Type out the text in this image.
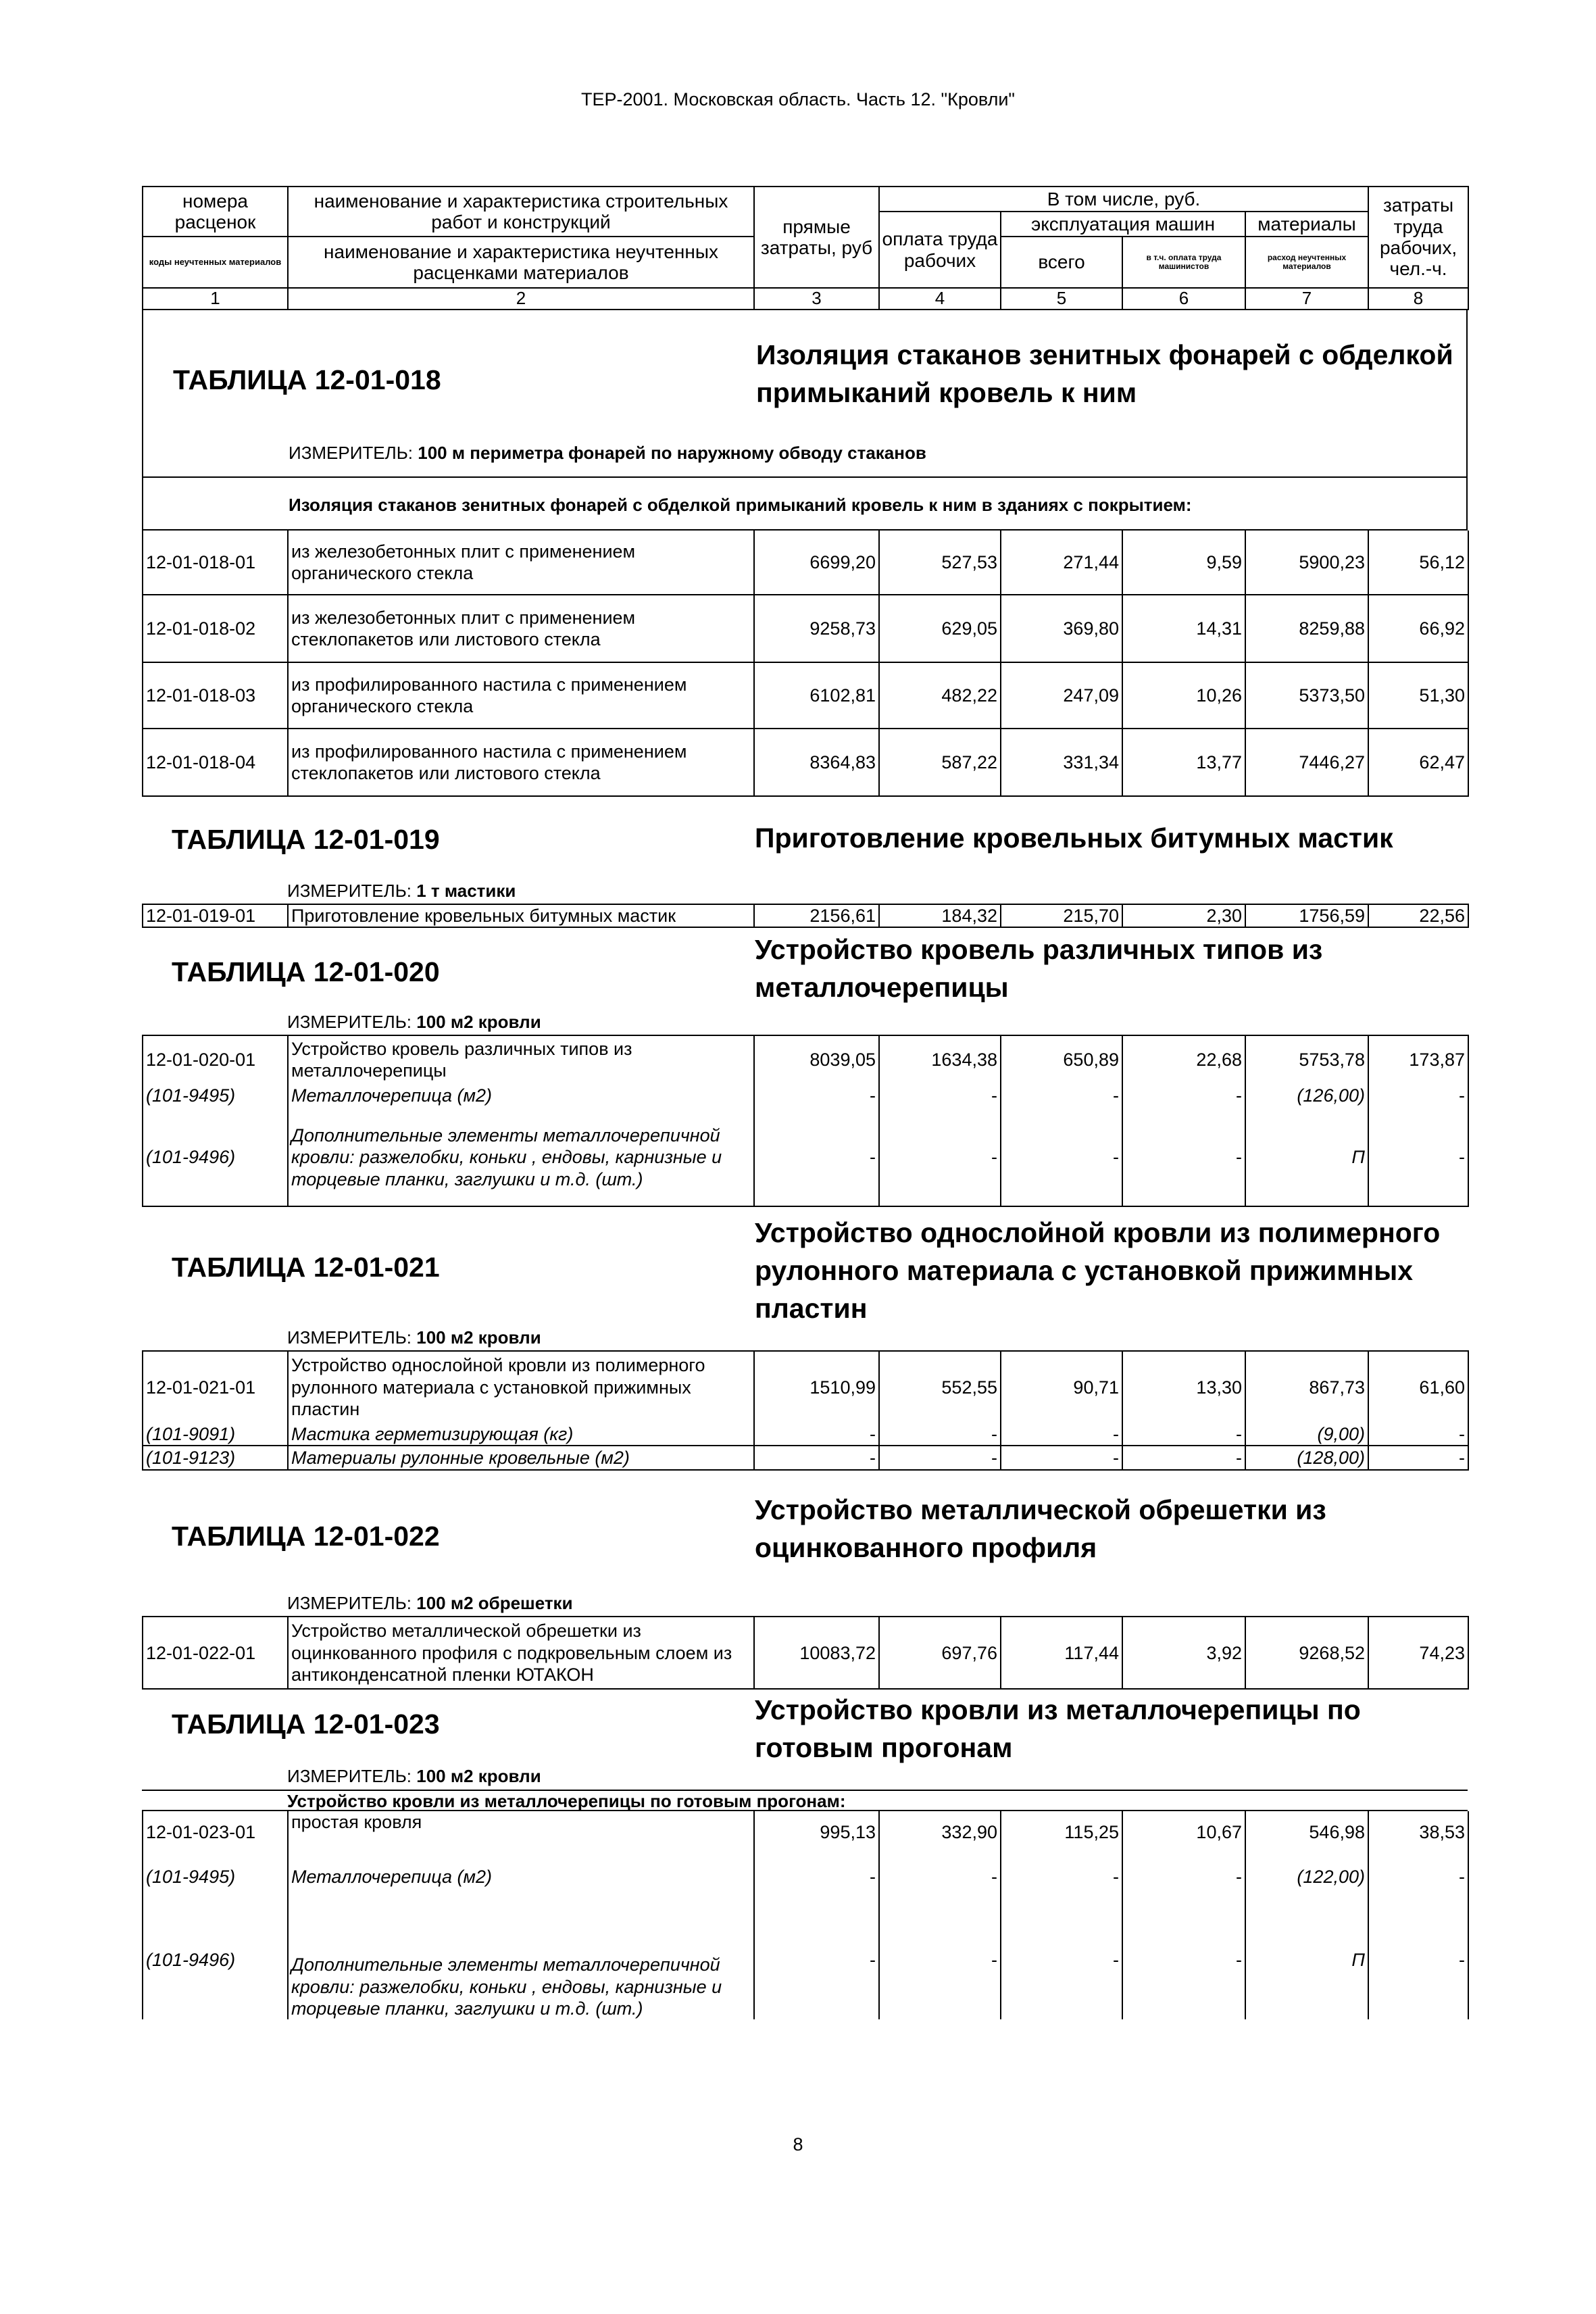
ТЕР-2001. Московская область. Часть 12. "Кровли"
номера расценок	наименование и характеристика строительных работ и конструкций	прямые затраты, руб	В том числе, руб.				затраты труда рабочих, чел.-ч.
			оплата труда рабочих	эксплуатация машин		материалы	
коды неучтенных материалов	наименование и характеристика неучтенных расценками материалов			всего	в т.ч. оплата труда машинистов	расход неучтенных материалов	

1	2	3	4	5	6	7	8
ТАБЛИЦА 12-01-018
Изоляция стаканов зенитных фонарей с обделкой примыканий кровель к ним
ИЗМЕРИТЕЛЬ: 100 м периметра фонарей по наружному обводу стаканов
Изоляция стаканов зенитных фонарей с обделкой примыканий кровель к ним в зданиях с покрытием:
12-01-018-01	из железобетонных плит с применением органического стекла	6699,20	527,53	271,44	9,59	5900,23	56,12
12-01-018-02	из железобетонных плит с применением стеклопакетов или листового стекла	9258,73	629,05	369,80	14,31	8259,88	66,92
12-01-018-03	из профилированного настила с применением органического стекла	6102,81	482,22	247,09	10,26	5373,50	51,30
12-01-018-04	из профилированного настила с применением стеклопакетов или листового стекла	8364,83	587,22	331,34	13,77	7446,27	62,47
ТАБЛИЦА 12-01-019	Приготовление кровельных битумных мастик
ИЗМЕРИТЕЛЬ: 1 т мастики
12-01-019-01	Приготовление кровельных битумных мастик	2156,61	184,32	215,70	2,30	1756,59	22,56
ТАБЛИЦА 12-01-020
Устройство кровель различных типов из металлочерепицы
ИЗМЕРИТЕЛЬ: 100 м2 кровли
12-01-020-01	Устройство кровель различных типов из металлочерепицы	8039,05	1634,38	650,89	22,68	5753,78	173,87
(101-9495)	Металлочерепица (м2)	-	-	-	-	(126,00)	-
(101-9496)	Дополнительные элементы металлочерепичной кровли: разжелобки, коньки , ендовы, карнизные и торцевые планки, заглушки и т.д. (шт.)	-	-	-	-	П	-
ТАБЛИЦА 12-01-021
Устройство однослойной кровли из полимерного рулонного материала с установкой прижимных пластин
ИЗМЕРИТЕЛЬ: 100 м2 кровли
12-01-021-01	Устройство однослойной кровли из полимерного рулонного материала с установкой прижимных пластин	1510,99	552,55	90,71	13,30	867,73	61,60
(101-9091)	Мастика герметизирующая (кг)	-	-	-	-	(9,00)	-
(101-9123)	Материалы рулонные кровельные (м2)	-	-	-	-	(128,00)	-
ТАБЛИЦА 12-01-022
Устройство металлической обрешетки из оцинкованного профиля
ИЗМЕРИТЕЛЬ: 100 м2 обрешетки
12-01-022-01	Устройство металлической обрешетки из оцинкованного профиля с подкровельным слоем из антиконденсатной пленки ЮТАКОН	10083,72	697,76	117,44	3,92	9268,52	74,23
ТАБЛИЦА 12-01-023	Устройство кровли из металлочерепицы по готовым прогонам
ИЗМЕРИТЕЛЬ: 100 м2 кровли
Устройство кровли из металлочерепицы по готовым прогонам:
12-01-023-01	простая кровля	995,13	332,90	115,25	10,67	546,98	38,53
(101-9495)	Металлочерепица (м2)	-	-	-	-	(122,00)	-
(101-9496)	Дополнительные элементы металлочерепичной кровли: разжелобки, коньки , ендовы, карнизные и торцевые планки, заглушки и т.д. (шт.)	-	-	-	-	П	-
8
